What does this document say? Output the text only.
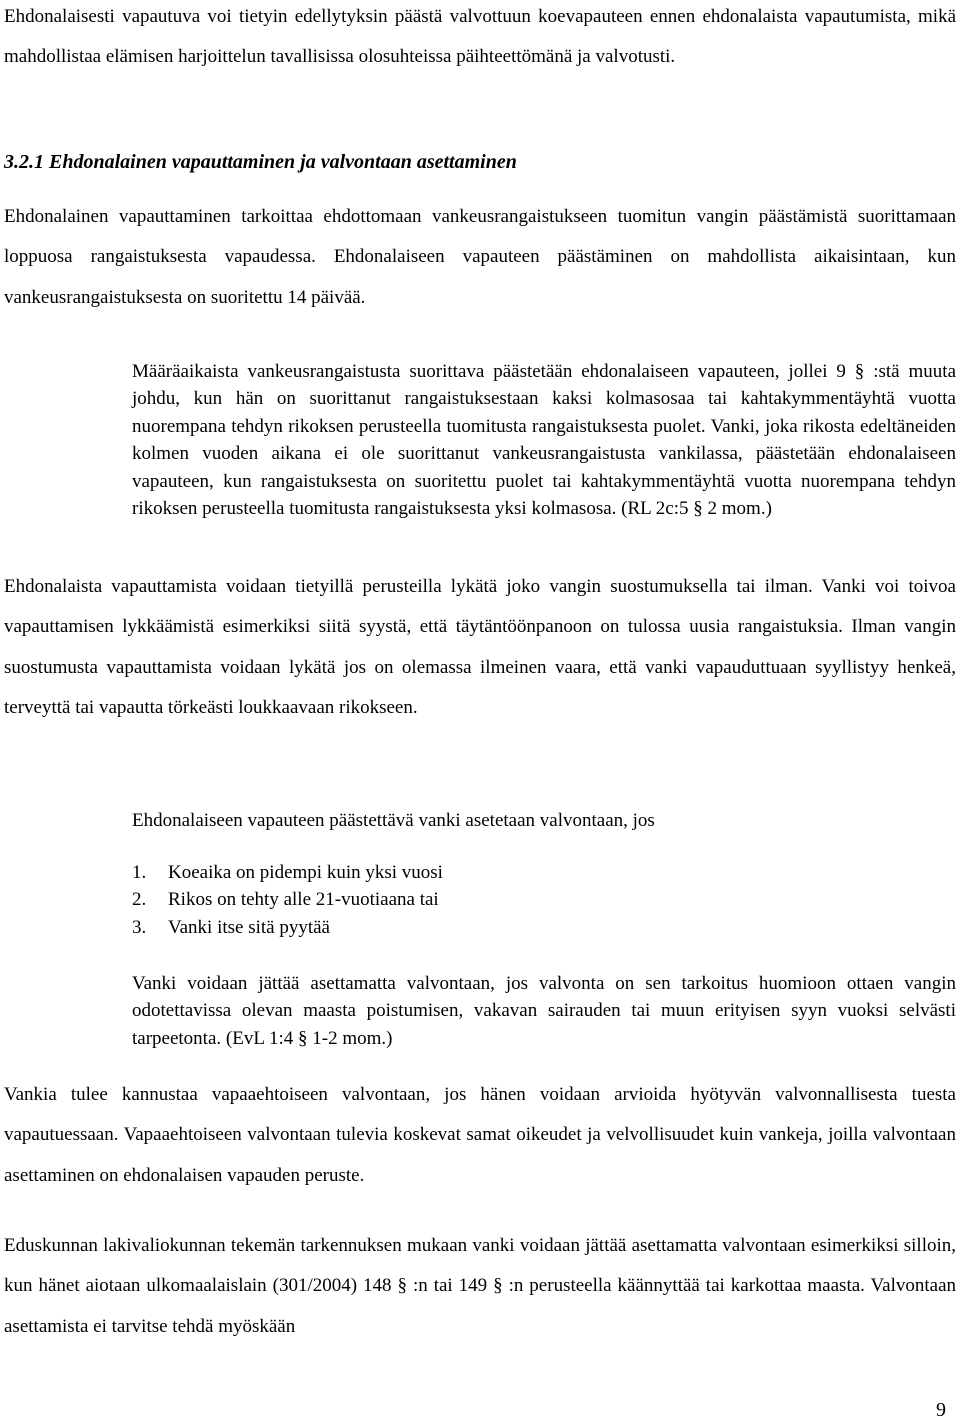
Ehdonalaisesti vapautuva voi tietyin edellytyksin päästä valvottuun koevapauteen ennen ehdonalaista vapautumista, mikä mahdollistaa elämisen harjoittelun tavallisissa olosuhteissa päihteettömänä ja valvotusti.

3.2.1 Ehdonalainen vapauttaminen ja valvontaan asettaminen

Ehdonalainen vapauttaminen tarkoittaa ehdottomaan vankeusrangaistukseen tuomitun vangin päästämistä suorittamaan loppuosa rangaistuksesta vapaudessa. Ehdonalaiseen vapauteen päästäminen on mahdollista aikaisintaan, kun vankeusrangaistuksesta on suoritettu 14 päivää.

Määräaikaista vankeusrangaistusta suorittava päästetään ehdonalaiseen vapauteen, jollei 9 § :stä muuta johdu, kun hän on suorittanut rangaistuksestaan kaksi kolmasosaa tai kahtakymmentäyhtä vuotta nuorempana tehdyn rikoksen perusteella tuomitusta rangaistuksesta puolet. Vanki, joka rikosta edeltäneiden kolmen vuoden aikana ei ole suorittanut vankeusrangaistusta vankilassa, päästetään ehdonalaiseen vapauteen, kun rangaistuksesta on suoritettu puolet tai kahtakymmentäyhtä vuotta nuorempana tehdyn rikoksen perusteella tuomitusta rangaistuksesta yksi kolmasosa. (RL 2c:5 § 2 mom.)

Ehdonalaista vapauttamista voidaan tietyillä perusteilla lykätä joko vangin suostumuksella tai ilman. Vanki voi toivoa vapauttamisen lykkäämistä esimerkiksi siitä syystä, että täytäntöönpanoon on tulossa uusia rangaistuksia. Ilman vangin suostumusta vapauttamista voidaan lykätä jos on olemassa ilmeinen vaara, että vanki vapauduttuaan syyllistyy henkeä, terveyttä tai vapautta törkeästi loukkaavaan rikokseen.

Ehdonalaiseen vapauteen päästettävä vanki asetetaan valvontaan, jos

1.	Koeaika on pidempi kuin yksi vuosi
2.	Rikos on tehty alle 21-vuotiaana tai
3.	Vanki itse sitä pyytää

Vanki voidaan jättää asettamatta valvontaan, jos valvonta on sen tarkoitus huomioon ottaen vangin odotettavissa olevan maasta poistumisen, vakavan sairauden tai muun erityisen syyn vuoksi selvästi tarpeetonta. (EvL 1:4 § 1-2 mom.)

Vankia tulee kannustaa vapaaehtoiseen valvontaan, jos hänen voidaan arvioida hyötyvän valvonnallisesta tuesta vapautuessaan. Vapaaehtoiseen valvontaan tulevia koskevat samat oikeudet ja velvollisuudet kuin vankeja, joilla valvontaan asettaminen on ehdonalaisen vapauden peruste.

Eduskunnan lakivaliokunnan tekemän tarkennuksen mukaan vanki voidaan jättää asettamatta valvontaan esimerkiksi silloin, kun hänet aiotaan ulkomaalaislain (301/2004) 148 § :n tai 149 § :n perusteella käännyttää tai karkottaa maasta. Valvontaan asettamista ei tarvitse tehdä myöskään

9
